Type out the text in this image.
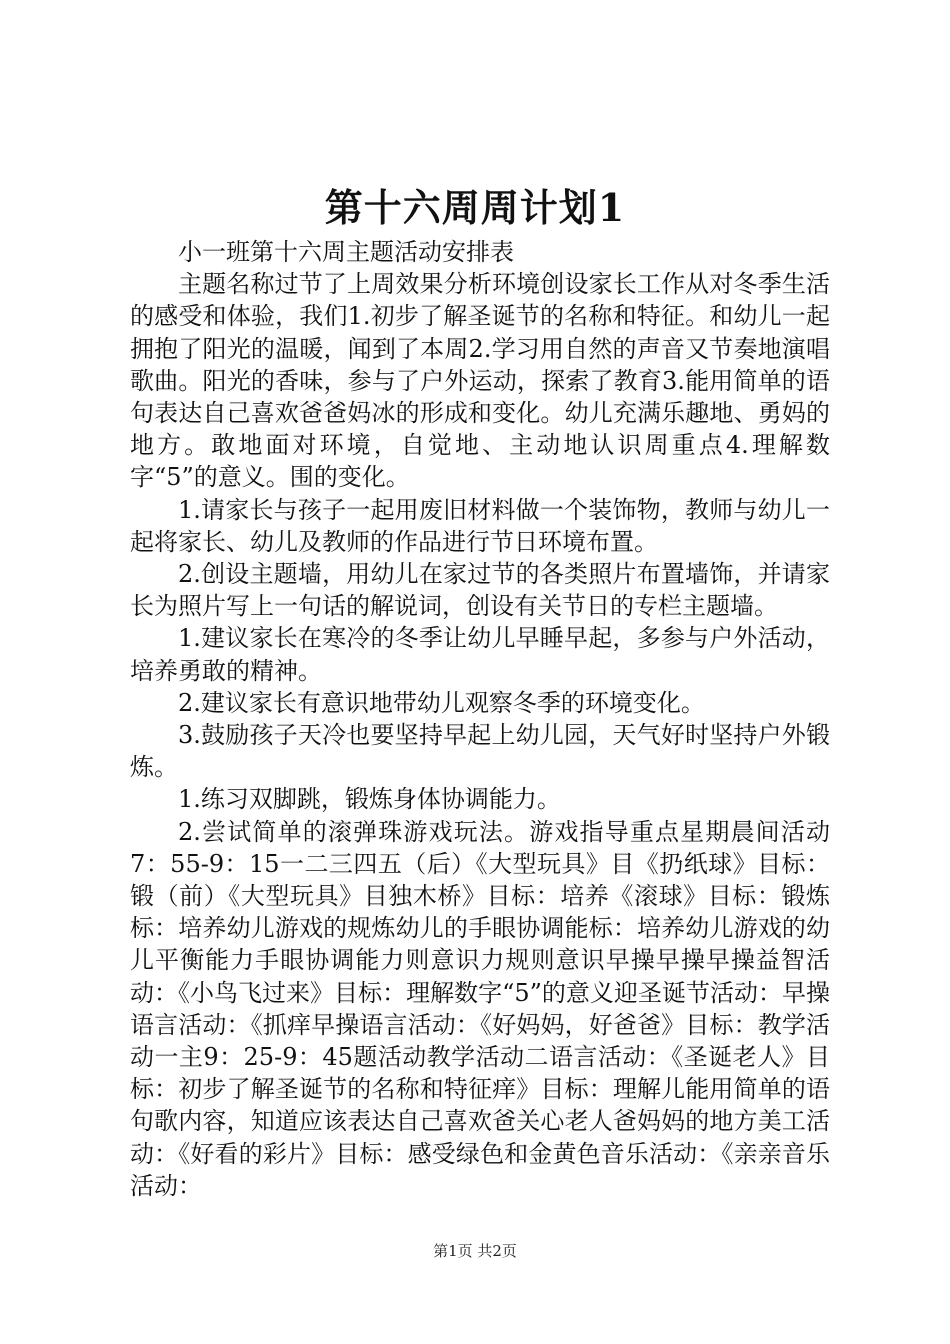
第十六周周计划1

小一班第十六周主题活动安排表

主题名称过节了上周效果分析环境创设家长工作从对冬季生活的感受和体验，我们1.初步了解圣诞节的名称和特征。和幼儿一起拥抱了阳光的温暖，闻到了本周2.学习用自然的声音又节奏地演唱歌曲。阳光的香味，参与了户外运动，探索了教育3.能用简单的语句表达自己喜欢爸爸妈冰的形成和变化。幼儿充满乐趣地、勇妈的地方。敢地面对环境，自觉地、主动地认识周重点4.理解数字“5”的意义。围的变化。

1.请家长与孩子一起用废旧材料做一个装饰物，教师与幼儿一起将家长、幼儿及教师的作品进行节日环境布置。

2.创设主题墙，用幼儿在家过节的各类照片布置墙饰，并请家长为照片写上一句话的解说词，创设有关节日的专栏主题墙。

1.建议家长在寒冷的冬季让幼儿早睡早起，多参与户外活动，培养勇敢的精神。

2.建议家长有意识地带幼儿观察冬季的环境变化。

3.鼓励孩子天冷也要坚持早起上幼儿园，天气好时坚持户外锻炼。

1.练习双脚跳，锻炼身体协调能力。

2.尝试简单的滚弹珠游戏玩法。游戏指导重点星期晨间活动7：55-9：15一二三四五（后）《大型玩具》目《扔纸球》目标：锻（前）《大型玩具》目独木桥》目标：培养《滚球》目标：锻炼标：培养幼儿游戏的规炼幼儿的手眼协调能标：培养幼儿游戏的幼儿平衡能力手眼协调能力则意识力规则意识早操早操早操益智活动：《小鸟飞过来》目标：理解数字“5”的意义迎圣诞节活动：早操语言活动：《抓痒早操语言活动：《好妈妈，好爸爸》目标：教学活动一主9：25-9：45题活动教学活动二语言活动：《圣诞老人》目标：初步了解圣诞节的名称和特征痒》目标：理解儿能用简单的语句歌内容，知道应该表达自己喜欢爸关心老人爸妈妈的地方美工活动：《好看的彩片》目标：感受绿色和金黄色音乐活动：《亲亲音乐活动：

第1页 共2页
